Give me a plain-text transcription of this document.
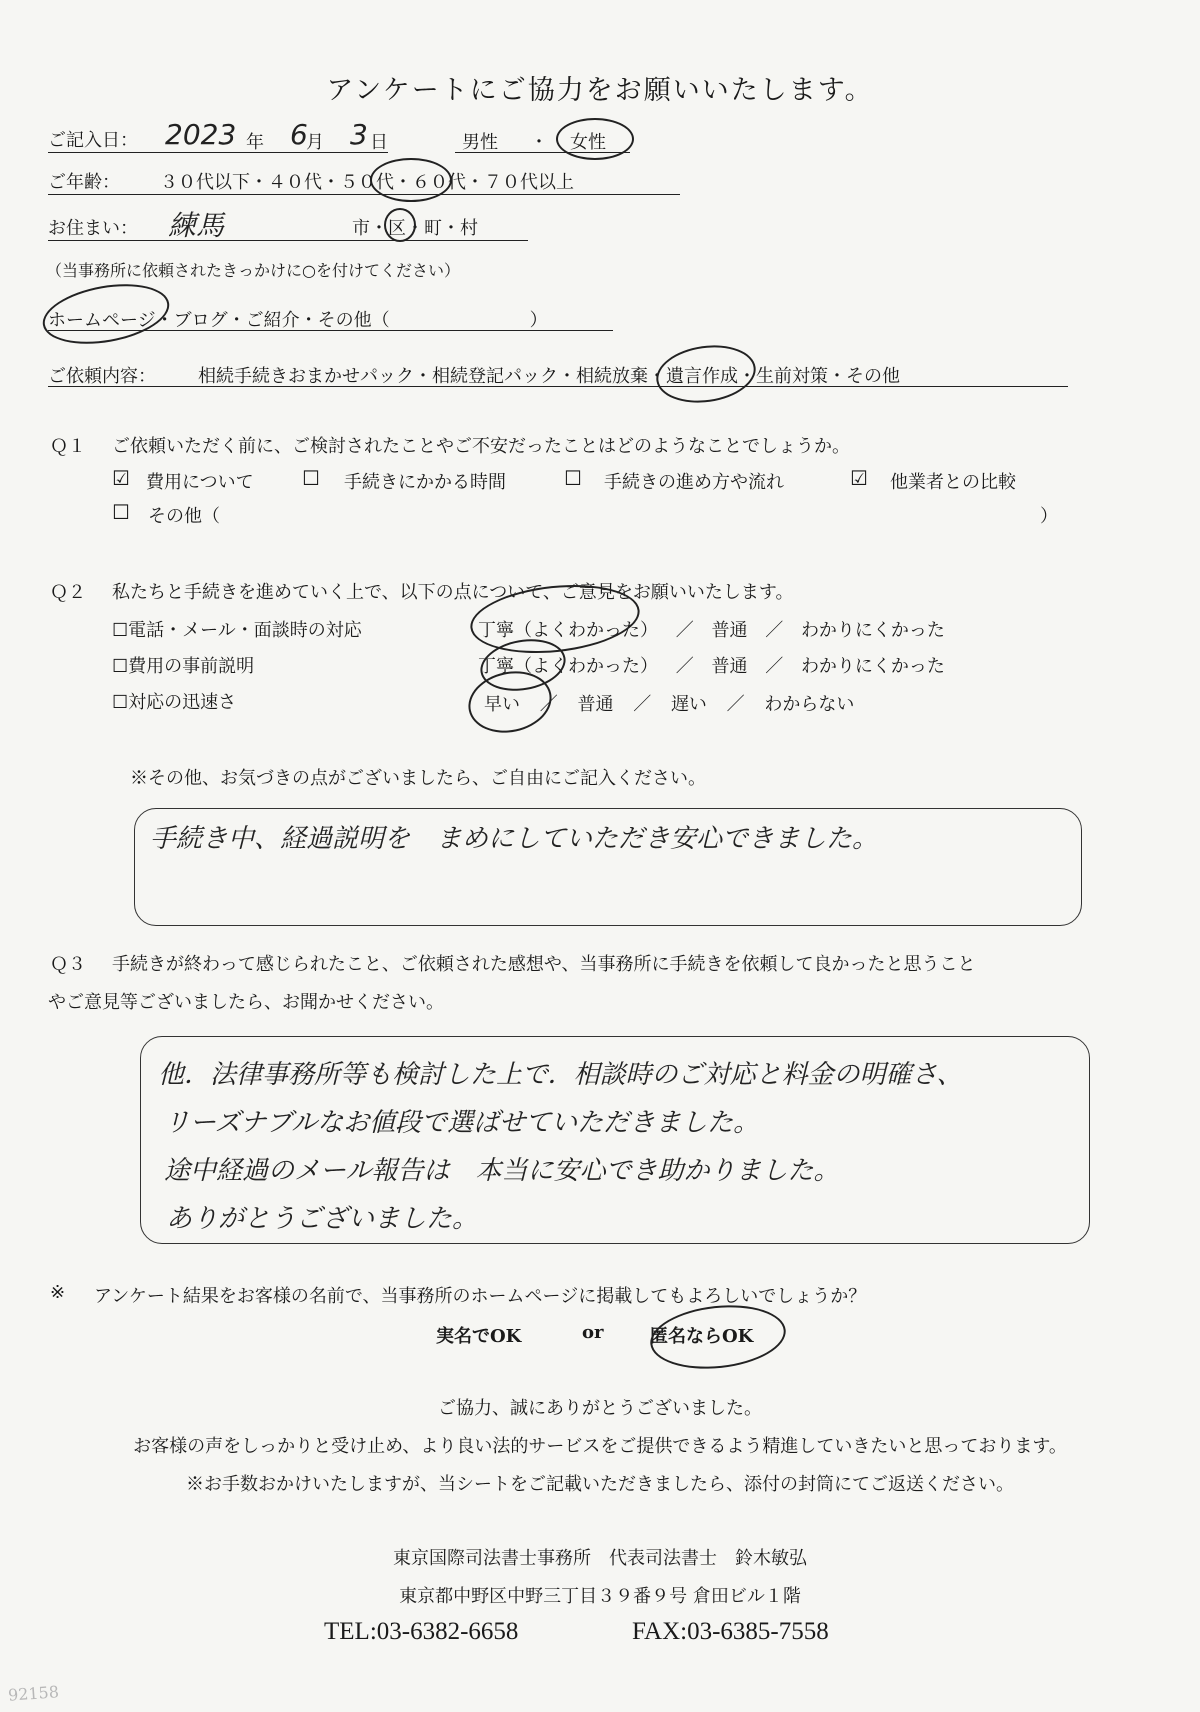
アンケートにご協力をお願いいたします。
ご記入日： 2023 年 6
月 3 日	男性 ・ 女性
ご年齢： ３０代以下・４０代・５０代・６０代・７０代以上
お住まい： 練馬	市・区・町・村
（当事務所に依頼されたきっかけに○を付けてください）
ホームページ・ブログ・ご紹介・その他（	）
ご依頼内容： 相続手続きおまかせパック・相続登記パック・相続放棄・遺言作成・生前対策・その他
Ｑ１ ご依頼いただく前に、ご検討されたことやご不安だったことはどのようなことでしょうか。
☑ 費用について ☐ 手続きにかかる時間	☐ 手続きの進め方や流れ	☑ 他業者との比較
☐ その他（	）
Ｑ２ 私たちと手続きを進めていく上で、以下の点について、ご意見をお願いいたします。
☐電話・メール・面談時の対応	丁寧（よくわかった） ／ 普通 ／ わかりにくかった
☐費用の事前説明	丁寧（よくわかった） ／ 普通 ／ わかりにくかった
☐対応の迅速さ	早い ／ 普通 ／ 遅い ／ わからない
※その他、お気づきの点がございましたら、ご自由にご記入ください。
手続き中、経過説明を　まめにしていただき安心できました。
Ｑ３ 手続きが終わって感じられたこと、ご依頼された感想や、当事務所に手続きを依頼して良かったと思うこと
やご意見等ございましたら、お聞かせください。
他．法律事務所等も検討した上で．相談時のご対応と料金の明確さ、
リーズナブルなお値段で選ばせていただきました。
途中経過のメール報告は　本当に安心でき助かりました。
ありがとうございました。
※ アンケート結果をお客様の名前で、当事務所のホームページに掲載してもよろしいでしょうか？
実名でOK	or	匿名ならOK
ご協力、誠にありがとうございました。
お客様の声をしっかりと受け止め、より良い法的サービスをご提供できるよう精進していきたいと思っております。
※お手数おかけいたしますが、当シートをご記載いただきましたら、添付の封筒にてご返送ください。
東京国際司法書士事務所　代表司法書士　鈴木敏弘
東京都中野区中野三丁目３９番９号 倉田ビル１階
TEL:03-6382-6658	FAX:03-6385-7558
92158
